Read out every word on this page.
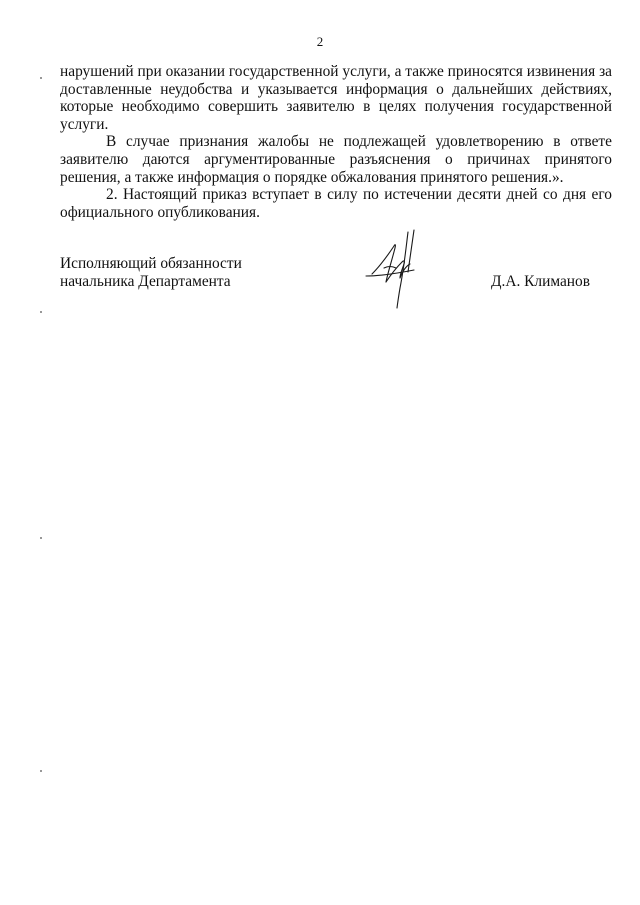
2

нарушений при оказании государственной услуги, а также приносятся извинения за доставленные неудобства и указывается информация о дальнейших действиях, которые необходимо совершить заявителю в целях получения государственной услуги.

В случае признания жалобы не подлежащей удовлетворению в ответе заявителю даются аргументированные разъяснения о причинах принятого решения, а также информация о порядке обжалования принятого решения.».

2. Настоящий приказ вступает в силу по истечении десяти дней со дня его официального опубликования.

Исполняющий обязанности
начальника Департамента	Д.А. Климанов
